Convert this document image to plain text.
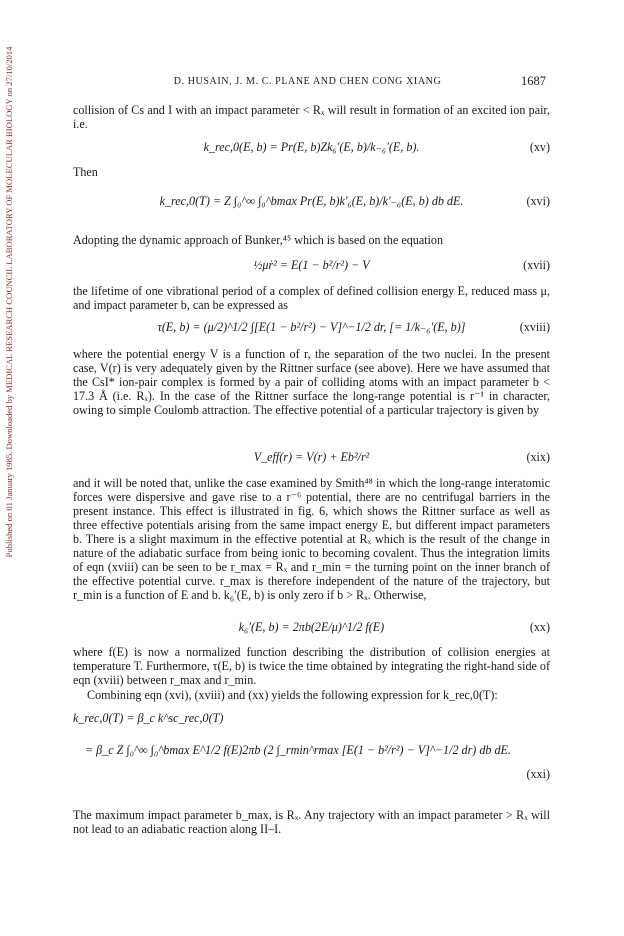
Published on 01 January 1985. Downloaded by MEDICAL RESEARCH COUNCIL LABORATORY OF MOLECULAR BIOLOGY on 27/10/2014	D. HUSAIN, J. M. C. PLANE AND CHEN CONG XIANG	1687

collision of Cs and I with an impact parameter < Rₓ will result in formation of an excited ion pair, i.e.

k_rec,0(E, b) = Pr(E, b)Zk₆′(E, b)/k₋₆′(E, b).	(xv)

Then

k_rec,0(T) = Z ∫₀^∞ ∫₀^bmax Pr(E, b)k′₆(E, b)/k′₋₆(E, b) db dE.	(xvi)

Adopting the dynamic approach of Bunker,⁴⁵ which is based on the equation

½μṙ² = E(1 − b²/r²) − V	(xvii)

the lifetime of one vibrational period of a complex of defined collision energy E, reduced mass μ, and impact parameter b, can be expressed as

τ(E, b) = (μ/2)^1/2 ∫[E(1 − b²/r²) − V]^−1/2 dr, [= 1/k₋₆′(E, b)]	(xviii)

where the potential energy V is a function of r, the separation of the two nuclei. In the present case, V(r) is very adequately given by the Rittner surface (see above). Here we have assumed that the CsI* ion-pair complex is formed by a pair of colliding atoms with an impact parameter b < 17.3 Å (i.e. Rₓ). In the case of the Rittner surface the long-range potential is r⁻¹ in character, owing to simple Coulomb attraction. The effective potential of a particular trajectory is given by

V_eff(r) = V(r) + Eb²/r²	(xix)

and it will be noted that, unlike the case examined by Smith⁴⁸ in which the long-range interatomic forces were dispersive and gave rise to a r⁻⁶ potential, there are no centrifugal barriers in the present instance. This effect is illustrated in fig. 6, which shows the Rittner surface as well as three effective potentials arising from the same impact energy E, but different impact parameters b. There is a slight maximum in the effective potential at Rₓ which is the result of the change in nature of the adiabatic surface from being ionic to becoming covalent. Thus the integration limits of eqn (xviii) can be seen to be r_max = Rₓ and r_min = the turning point on the inner branch of the effective potential curve. r_max is therefore independent of the nature of the trajectory, but r_min is a function of E and b. k₆′(E, b) is only zero if b > Rₓ. Otherwise,

k₆′(E, b) = 2πb(2E/μ)^1/2 f(E)	(xx)

where f(E) is now a normalized function describing the distribution of collision energies at temperature T. Furthermore, τ(E, b) is twice the time obtained by integrating the right-hand side of eqn (xviii) between r_max and r_min.

Combining eqn (xvi), (xviii) and (xx) yields the following expression for k_rec,0(T):

k_rec,0(T) = β_c k^sc_rec,0(T)
= β_c Z ∫₀^∞ ∫₀^bmax E^1/2 f(E)2πb (2 ∫_rmin^rmax [E(1 − b²/r²) − V]^−1/2 dr) db dE.
(xxi)

The maximum impact parameter b_max, is Rₓ. Any trajectory with an impact parameter > Rₓ will not lead to an adiabatic reaction along II–I.
